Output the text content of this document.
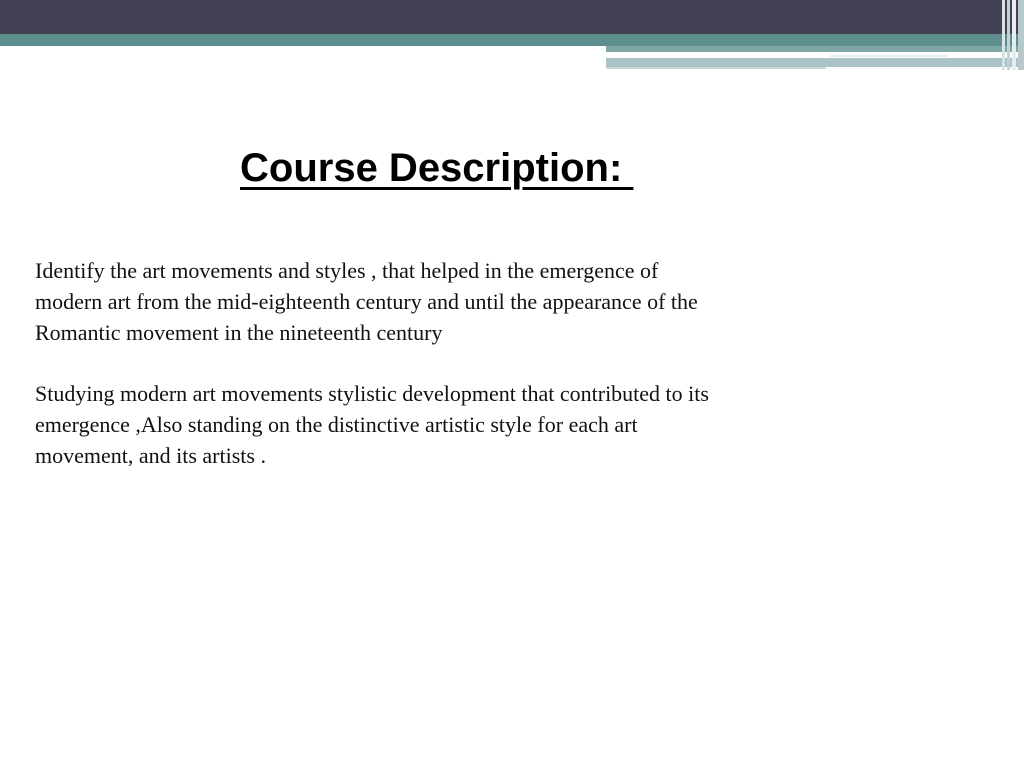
Course Description:

Identify the art movements and styles , that helped in the emergence of
modern art from the mid-eighteenth century and until the appearance of the
Romantic movement in the nineteenth century

Studying modern art movements stylistic development that contributed to its
emergence ,Also standing on the distinctive artistic style for each art
movement, and its artists .
